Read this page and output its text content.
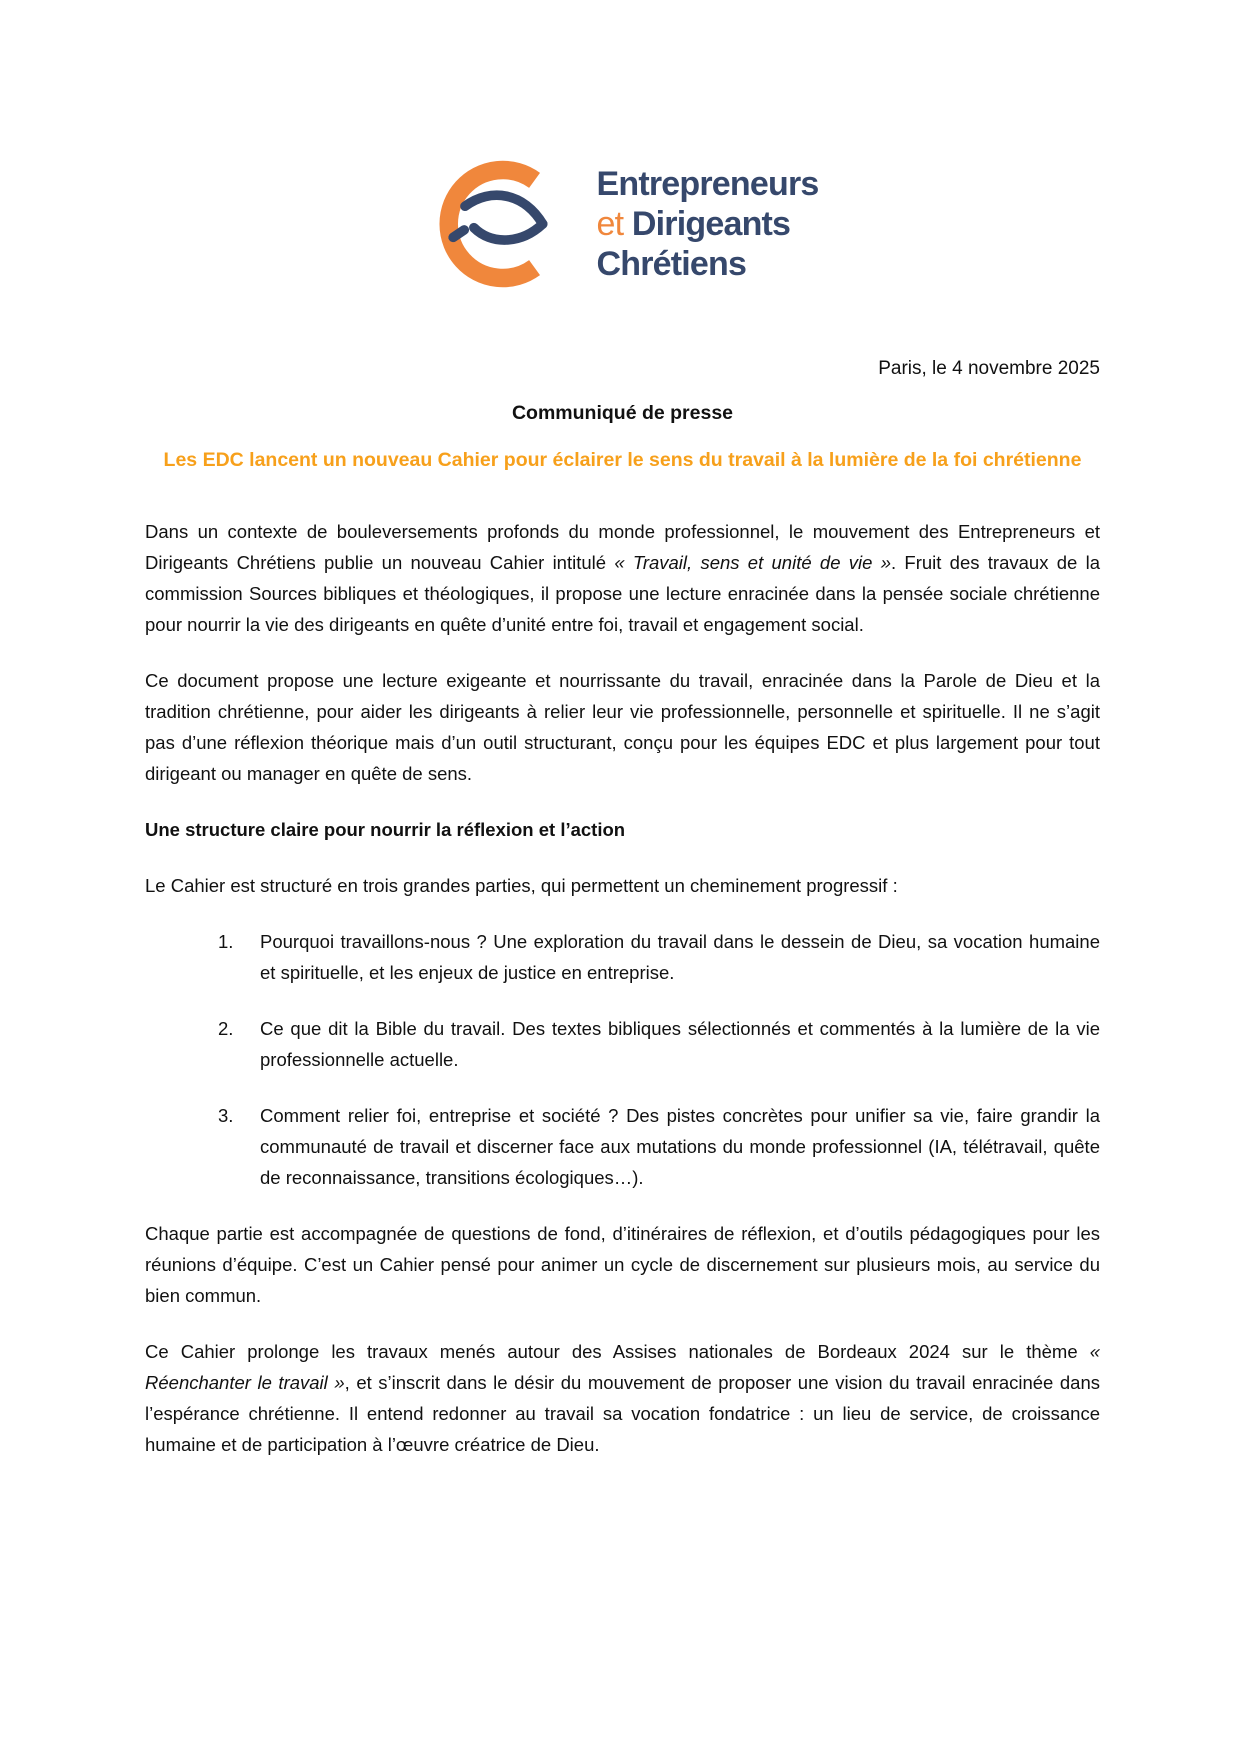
Entrepreneurs
et Dirigeants
Chrétiens

Paris, le 4 novembre 2025

Communiqué de presse

Les EDC lancent un nouveau Cahier pour éclairer le sens du travail à la lumière de la foi chrétienne

Dans un contexte de bouleversements profonds du monde professionnel, le mouvement des Entrepreneurs et Dirigeants Chrétiens publie un nouveau Cahier intitulé « Travail, sens et unité de vie ». Fruit des travaux de la commission Sources bibliques et théologiques, il propose une lecture enracinée dans la pensée sociale chrétienne pour nourrir la vie des dirigeants en quête d’unité entre foi, travail et engagement social.

Ce document propose une lecture exigeante et nourrissante du travail, enracinée dans la Parole de Dieu et la tradition chrétienne, pour aider les dirigeants à relier leur vie professionnelle, personnelle et spirituelle. Il ne s’agit pas d’une réflexion théorique mais d’un outil structurant, conçu pour les équipes EDC et plus largement pour tout dirigeant ou manager en quête de sens.

Une structure claire pour nourrir la réflexion et l’action

Le Cahier est structuré en trois grandes parties, qui permettent un cheminement progressif :

1.	Pourquoi travaillons-nous ? Une exploration du travail dans le dessein de Dieu, sa vocation humaine et spirituelle, et les enjeux de justice en entreprise.
2.	Ce que dit la Bible du travail. Des textes bibliques sélectionnés et commentés à la lumière de la vie professionnelle actuelle.
3.	Comment relier foi, entreprise et société ? Des pistes concrètes pour unifier sa vie, faire grandir la communauté de travail et discerner face aux mutations du monde professionnel (IA, télétravail, quête de reconnaissance, transitions écologiques…).

Chaque partie est accompagnée de questions de fond, d’itinéraires de réflexion, et d’outils pédagogiques pour les réunions d’équipe. C’est un Cahier pensé pour animer un cycle de discernement sur plusieurs mois, au service du bien commun.

Ce Cahier prolonge les travaux menés autour des Assises nationales de Bordeaux 2024 sur le thème « Réenchanter le travail », et s’inscrit dans le désir du mouvement de proposer une vision du travail enracinée dans l’espérance chrétienne. Il entend redonner au travail sa vocation fondatrice : un lieu de service, de croissance humaine et de participation à l’œuvre créatrice de Dieu.
